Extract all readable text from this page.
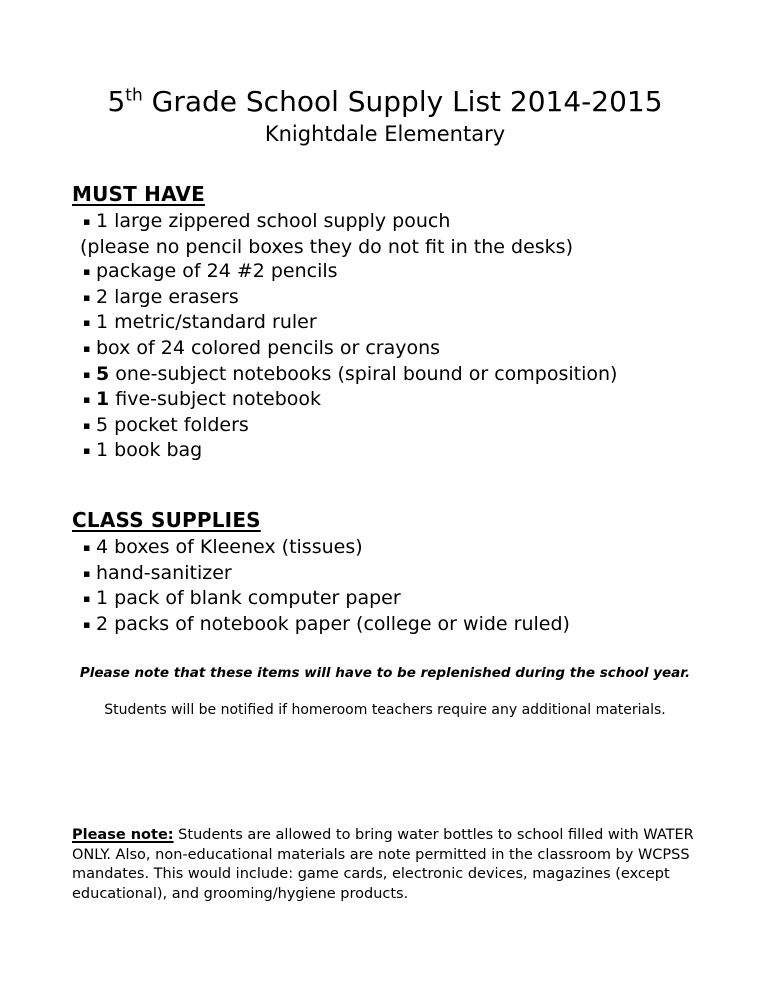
5th Grade School Supply List 2014-2015
Knightdale Elementary
MUST HAVE
▪ 1 large zippered school supply pouch
(please no pencil boxes they do not fit in the desks)
▪ package of 24 #2 pencils
▪ 2 large erasers
▪ 1 metric/standard ruler
▪ box of 24 colored pencils or crayons
▪ 5 one-subject notebooks (spiral bound or composition)
▪ 1 five-subject notebook
▪ 5 pocket folders
▪ 1 book bag
CLASS SUPPLIES
▪ 4 boxes of Kleenex (tissues)
▪ hand-sanitizer
▪ 1 pack of blank computer paper
▪ 2 packs of notebook paper (college or wide ruled)
Please note that these items will have to be replenished during the school year.
Students will be notified if homeroom teachers require any additional materials.
Please note: Students are allowed to bring water bottles to school filled with WATER ONLY. Also, non-educational materials are note permitted in the classroom by WCPSS mandates. This would include: game cards, electronic devices, magazines (except educational), and grooming/hygiene products.
